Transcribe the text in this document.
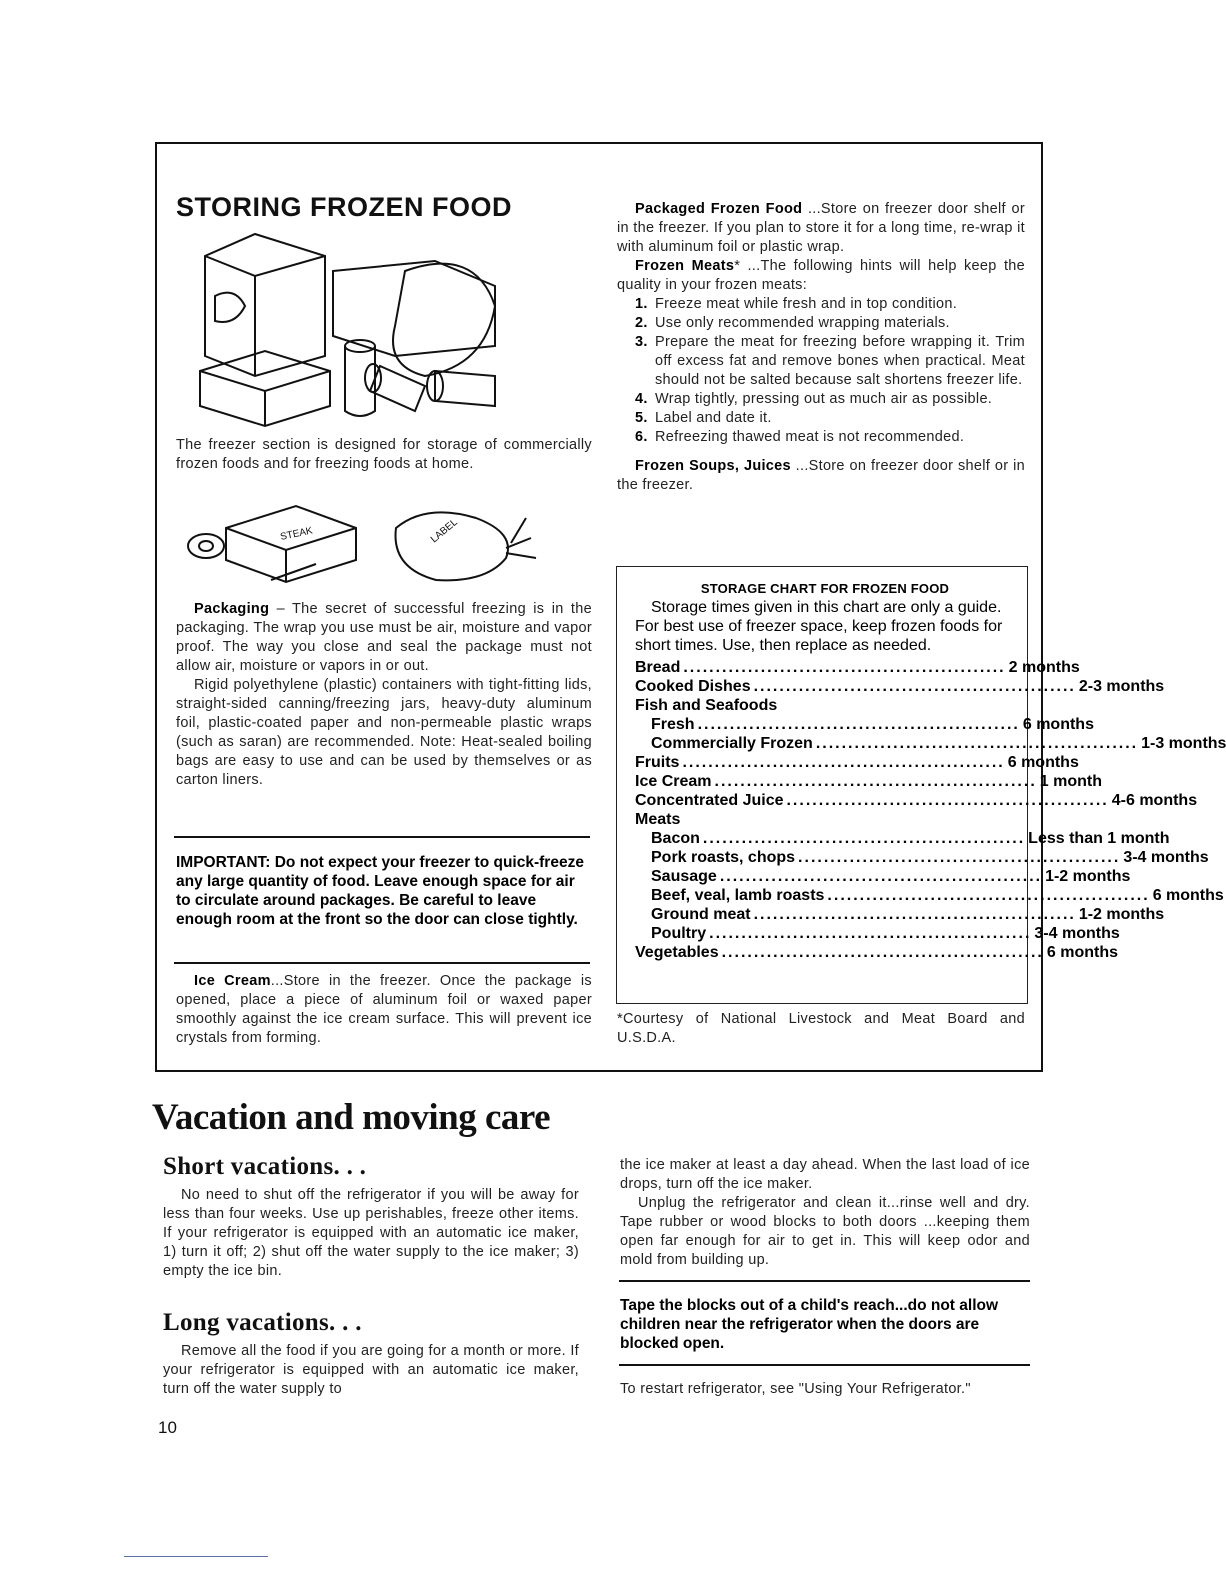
STORING FROZEN FOOD

The freezer section is designed for storage of commercially frozen foods and for freezing foods at home.

STEAK	LABEL

Packaging – The secret of successful freezing is in the packaging. The wrap you use must be air, moisture and vapor proof. The way you close and seal the package must not allow air, moisture or vapors in or out.

Rigid polyethylene (plastic) containers with tight-fitting lids, straight-sided canning/freezing jars, heavy-duty aluminum foil, plastic-coated paper and non-permeable plastic wraps (such as saran) are recommended. Note: Heat-sealed boiling bags are easy to use and can be used by themselves or as carton liners.

IMPORTANT: Do not expect your freezer to quick-freeze any large quantity of food. Leave enough space for air to circulate around packages. Be careful to leave enough room at the front so the door can close tightly.

Ice Cream...Store in the freezer. Once the package is opened, place a piece of aluminum foil or waxed paper smoothly against the ice cream surface. This will prevent ice crystals from forming.

Packaged Frozen Food ...Store on freezer door shelf or in the freezer. If you plan to store it for a long time, re-wrap it with aluminum foil or plastic wrap.

Frozen Meats* ...The following hints will help keep the quality in your frozen meats:

1. Freeze meat while fresh and in top condition.
2. Use only recommended wrapping materials.
3. Prepare the meat for freezing before wrapping it. Trim off excess fat and remove bones when practical. Meat should not be salted because salt shortens freezer life.
4. Wrap tightly, pressing out as much air as possible.
5. Label and date it.
6. Refreezing thawed meat is not recommended.

Frozen Soups, Juices ...Store on freezer door shelf or in the freezer.

STORAGE CHART FOR FROZEN FOOD
Storage times given in this chart are only a guide. For best use of freezer space, keep frozen foods for short times. Use, then replace as needed.
Bread .................................................. 2 months
Cooked Dishes .................................................. 2-3 months
Fish and Seafoods
Fresh .................................................. 6 months
Commercially Frozen .................................................. 1-3 months
Fruits .................................................. 6 months
Ice Cream .................................................. 1 month
Concentrated Juice .................................................. 4-6 months
Meats
Bacon .................................................. Less than 1 month
Pork roasts, chops .................................................. 3-4 months
Sausage .................................................. 1-2 months
Beef, veal, lamb roasts .................................................. 6 months
Ground meat .................................................. 1-2 months
Poultry .................................................. 3-4 months
Vegetables .................................................. 6 months

*Courtesy of National Livestock and Meat Board and U.S.D.A.

Vacation and moving care
Short vacations. . .

No need to shut off the refrigerator if you will be away for less than four weeks. Use up perishables, freeze other items. If your refrigerator is equipped with an automatic ice maker, 1) turn it off; 2) shut off the water supply to the ice maker; 3) empty the ice bin.

Long vacations. . .

Remove all the food if you are going for a month or more. If your refrigerator is equipped with an automatic ice maker, turn off the water supply to

the ice maker at least a day ahead. When the last load of ice drops, turn off the ice maker.

Unplug the refrigerator and clean it...rinse well and dry. Tape rubber or wood blocks to both doors ...keeping them open far enough for air to get in. This will keep odor and mold from building up.

Tape the blocks out of a child's reach...do not allow children near the refrigerator when the doors are blocked open.

To restart refrigerator, see "Using Your Refrigerator."

10
